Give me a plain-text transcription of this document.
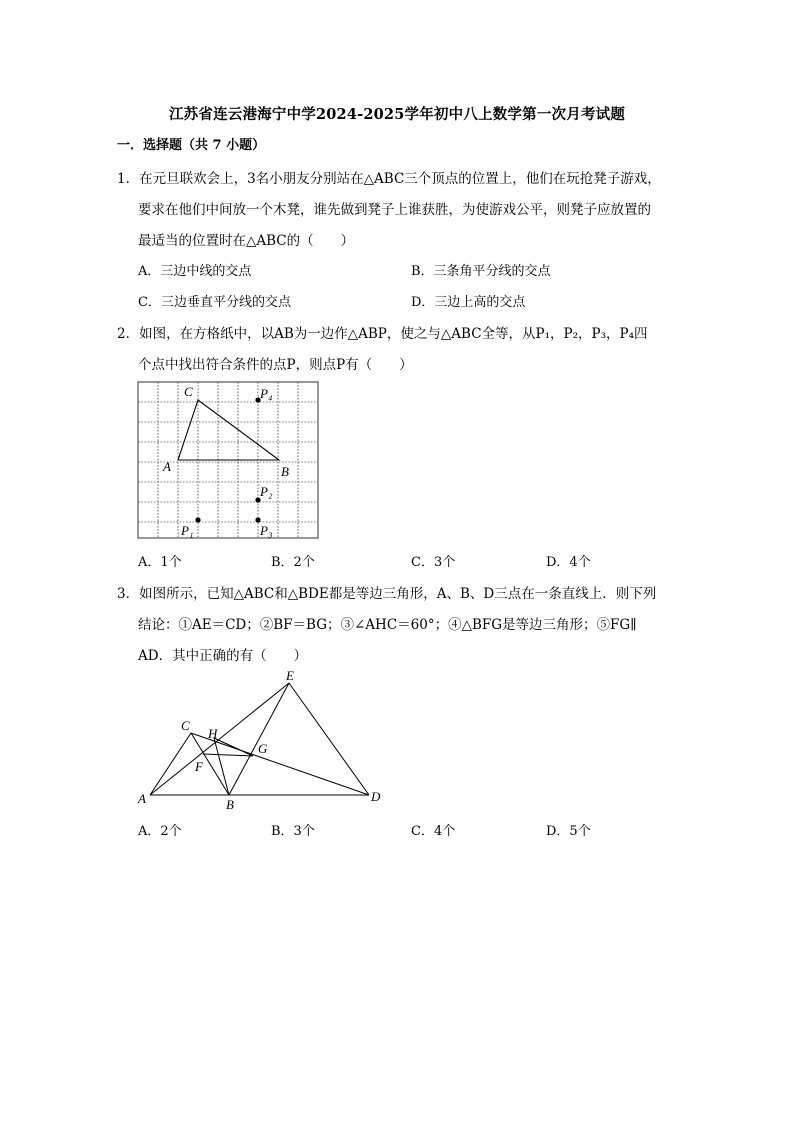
江苏省连云港海宁中学2024-2025学年初中八上数学第一次月考试题
一．选择题（共 7 小题）
1．在元旦联欢会上，3名小朋友分别站在△ABC三个顶点的位置上，他们在玩抢凳子游戏，
要求在他们中间放一个木凳，谁先做到凳子上谁获胜，为使游戏公平，则凳子应放置的
最适当的位置时在△ABC的（　　）
A．三边中线的交点	B．三条角平分线的交点
C．三边垂直平分线的交点	D．三边上高的交点
2．如图，在方格纸中，以AB为一边作△ABP，使之与△ABC全等，从P₁，P₂，P₃，P₄四
个点中找出符合条件的点P，则点P有（　　）
C
A	B
P₄
P₂
P₁	P₃
A．1个	B．2个	C．3个	D．4个
3．如图所示，已知△ABC和△BDE都是等边三角形，A、B、D三点在一条直线上．则下列
结论：①AE＝CD；②BF＝BG；③∠AHC＝60°；④△BFG是等边三角形；⑤FG∥
AD．其中正确的有（　　）
E
C
H
G
F
A	B
D
A．2个	B．3个	C．4个	D．5个
